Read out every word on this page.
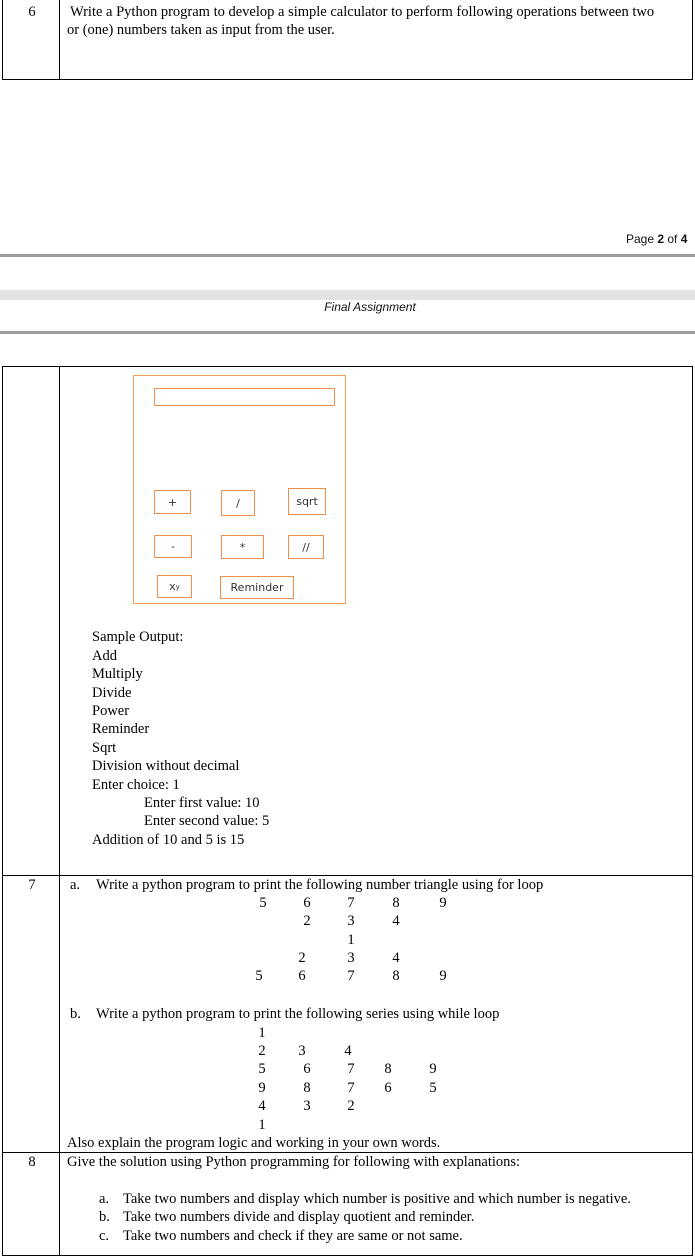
6	Write a Python program to develop a simple calculator to perform following operations between two
or (one) numbers taken as input from the user.
Page 2 of 4
Final Assignment
+	/	sqrt
-	*	//
x y	Reminder
Sample Output:
Add
Multiply
Divide
Power
Reminder
Sqrt
Division without decimal
Enter choice: 1
Enter first value: 10
Enter second value: 5
Addition of 10 and 5 is 15
7	a. Write a python program to print the following number triangle using for loop
5	6	7	8	9
2	3	4
1
2	3	4
5	6	7	8	9
b. Write a python program to print the following series using while loop
1
2	3	4
5	6	7	8	9
9	8	7	6	5
4	3	2
1
Also explain the program logic and working in your own words.
8	Give the solution using Python programming for following with explanations:
a. Take two numbers and display which number is positive and which number is negative.
b. Take two numbers divide and display quotient and reminder.
c. Take two numbers and check if they are same or not same.
